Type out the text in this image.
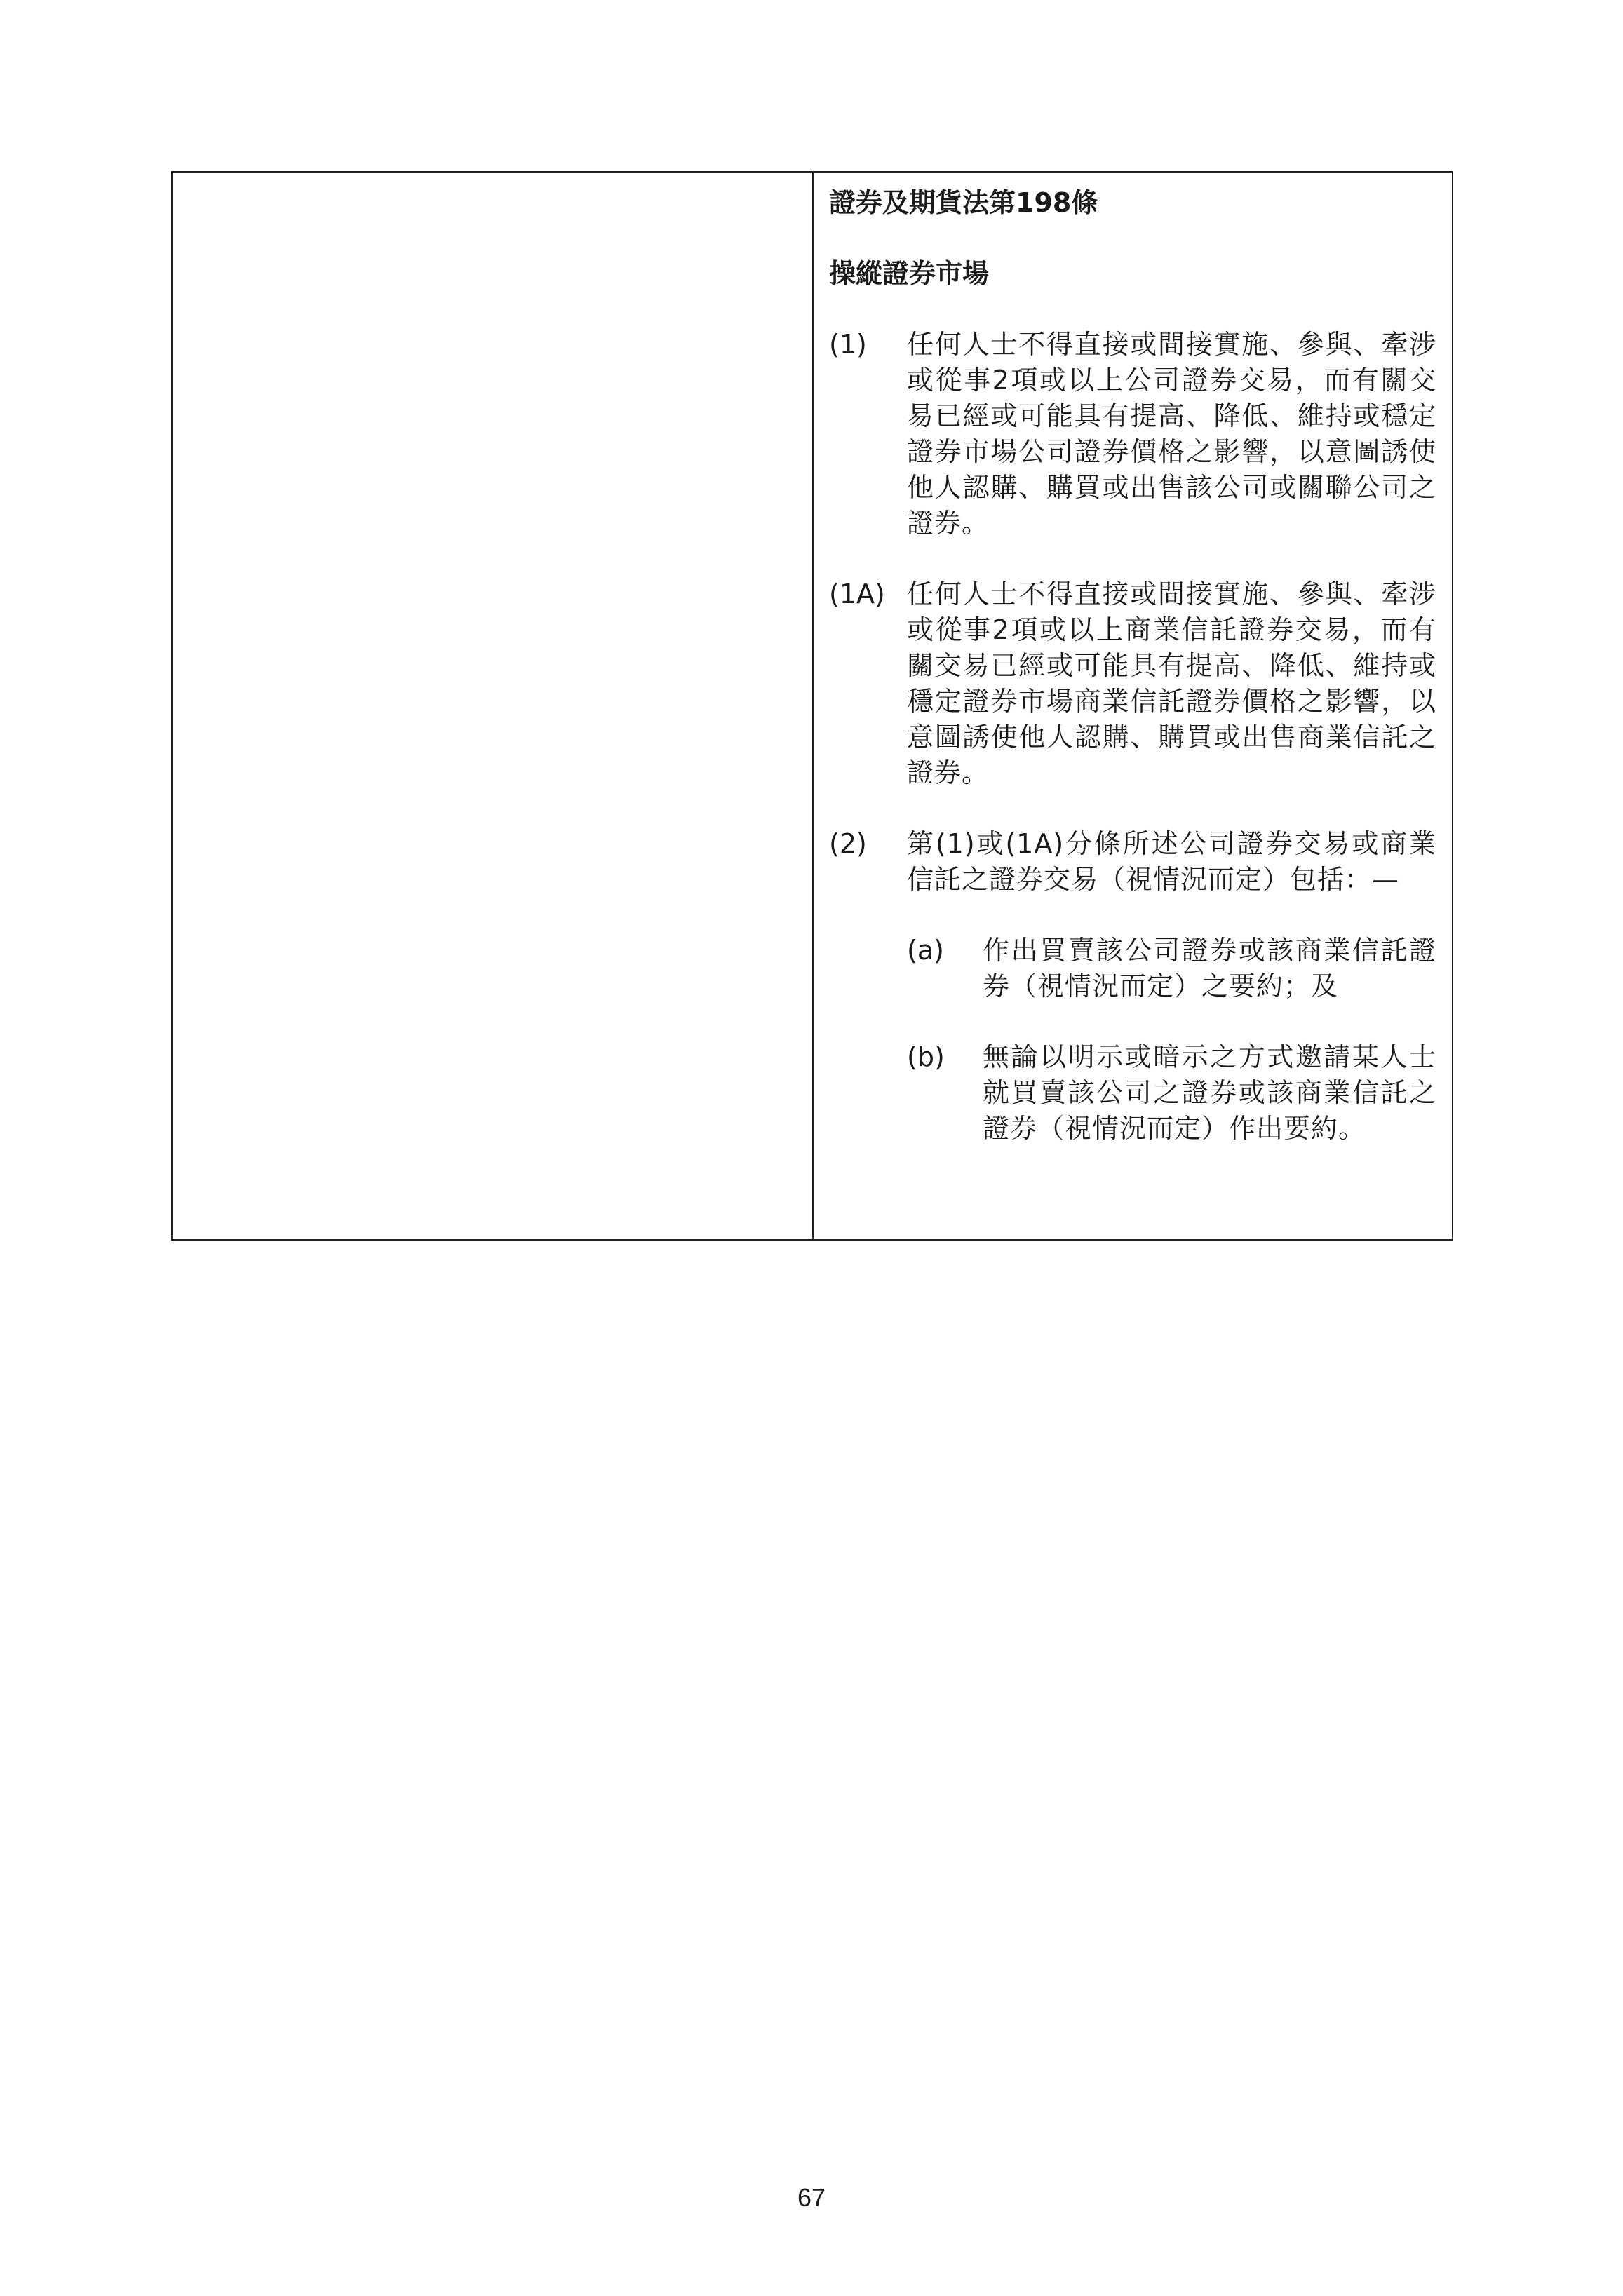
證券及期貨法第198條

操縱證券市場

(1)	任何人士不得直接或間接實施、參與、牽涉或從事2項或以上公司證券交易，而有關交易已經或可能具有提高、降低、維持或穩定證券市場公司證券價格之影響，以意圖誘使他人認購、購買或出售該公司或關聯公司之證券。
(1A) 任何人士不得直接或間接實施、參與、牽涉或從事2項或以上商業信託證券交易，而有關交易已經或可能具有提高、降低、維持或穩定證券市場商業信託證券價格之影響，以意圖誘使他人認購、購買或出售商業信託之證券。
(2)	第(1)或(1A)分條所述公司證券交易或商業信託之證券交易（視情況而定）包括：—
(a)	作出買賣該公司證券或該商業信託證券（視情況而定）之要約；及
(b)	無論以明示或暗示之方式邀請某人士就買賣該公司之證券或該商業信託之證券（視情況而定）作出要約。
67
